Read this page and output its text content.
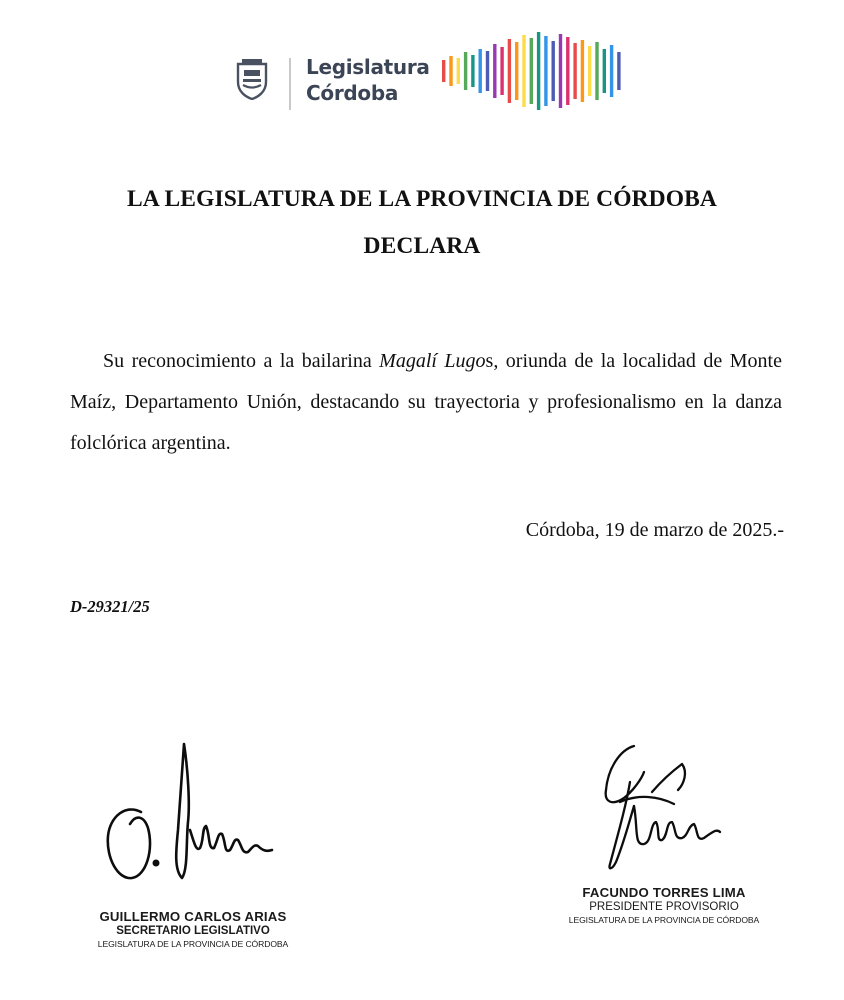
Legislatura
Córdoba
LA LEGISLATURA DE LA PROVINCIA DE CÓRDOBA
DECLARA
Su reconocimiento a la bailarina Magalí Lugos, oriunda de la localidad de Monte Maíz, Departamento Unión, destacando su trayectoria y profesionalismo en la danza folclórica argentina.
Córdoba, 19 de marzo de 2025.-
D-29321/25
GUILLERMO CARLOS ARIAS
SECRETARIO LEGISLATIVO
LEGISLATURA DE LA PROVINCIA DE CÓRDOBA
FACUNDO TORRES LIMA
PRESIDENTE PROVISORIO
LEGISLATURA DE LA PROVINCIA DE CÓRDOBA
